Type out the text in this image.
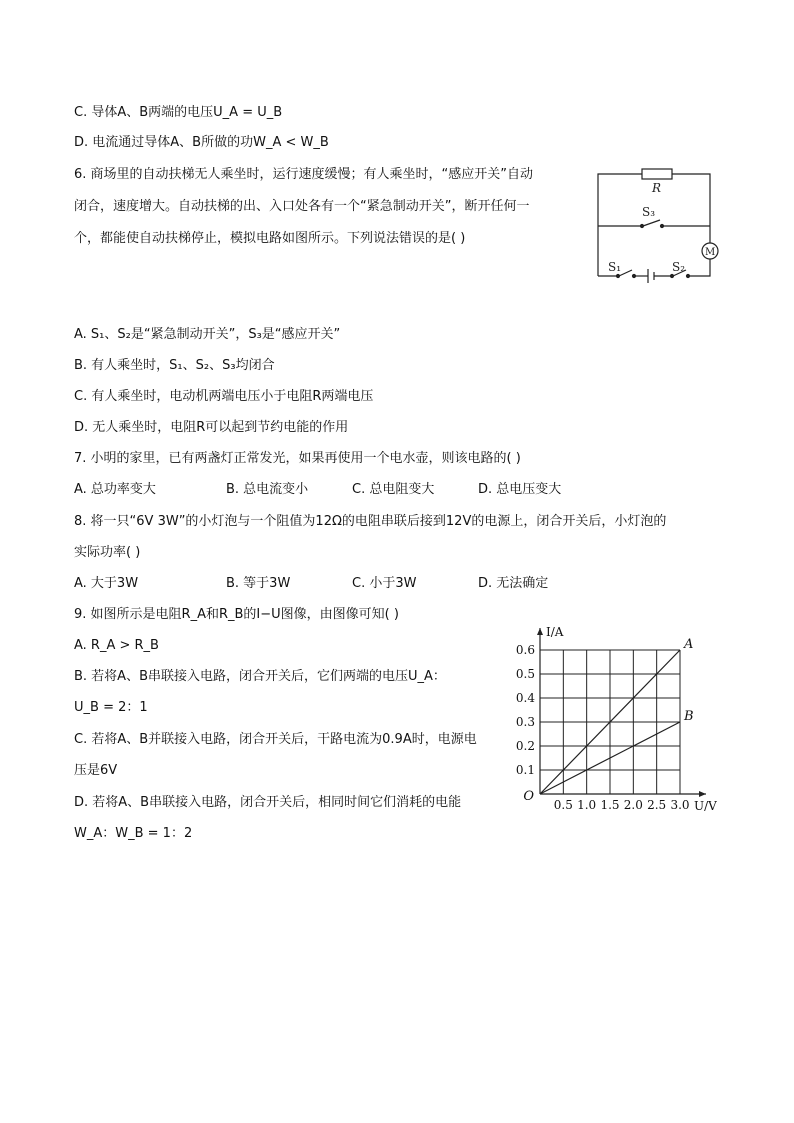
C. 导体A、B两端的电压U_A = U_B
D. 电流通过导体A、B所做的功W_A < W_B
6. 商场里的自动扶梯无人乘坐时，运行速度缓慢；有人乘坐时，“感应开关”自动
闭合，速度增大。自动扶梯的出、入口处各有一个“紧急制动开关”，断开任何一
个，都能使自动扶梯停止，模拟电路如图所示。下列说法错误的是( )
R
S₃
S₁	S₂
M
A. S₁、S₂是“紧急制动开关”，S₃是“感应开关”
B. 有人乘坐时，S₁、S₂、S₃均闭合
C. 有人乘坐时，电动机两端电压小于电阻R两端电压
D. 无人乘坐时，电阻R可以起到节约电能的作用
7. 小明的家里，已有两盏灯正常发光，如果再使用一个电水壶，则该电路的( )
A. 总功率变大	B. 总电流变小	C. 总电阻变大	D. 总电压变大
8. 将一只“6V 3W”的小灯泡与一个阻值为12Ω的电阻串联后接到12V的电源上，闭合开关后，小灯泡的
实际功率( )
A. 大于3W	B. 等于3W	C. 小于3W	D. 无法确定
9. 如图所示是电阻R_A和R_B的I−U图像，由图像可知( )
A. R_A > R_B
B. 若将A、B串联接入电路，闭合开关后，它们两端的电压U_A：
U_B = 2：1
C. 若将A、B并联接入电路，闭合开关后，干路电流为0.9A时，电源电
压是6V
D. 若将A、B串联接入电路，闭合开关后，相同时间它们消耗的电能
W_A：W_B = 1：2
0.5 1.0 1.5 2.0 2.5 3.0
0.1
0.2
0.3
0.4
0.5
0.6
O
U/V
I/A
A
B
